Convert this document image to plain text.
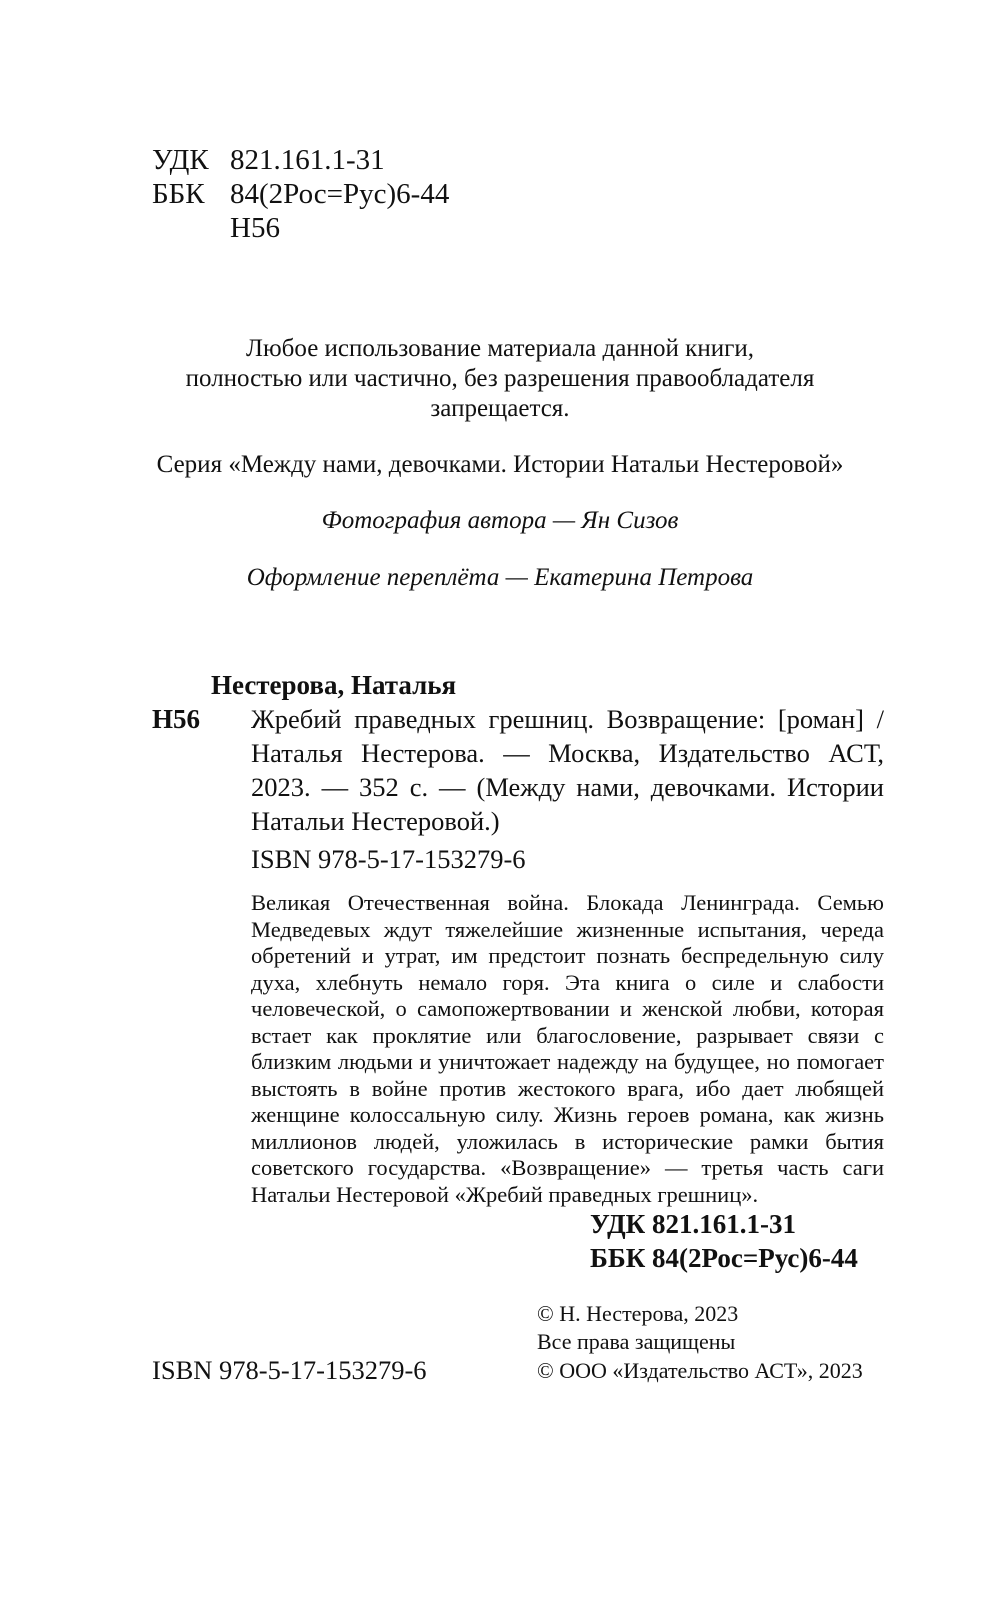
УДК 821.161.1-31
ББК 84(2Рос=Рус)6-44
Н56
Любое использование материала данной книги,
полностью или частично, без разрешения правообладателя
запрещается.
Серия «Между нами, девочками. Истории Натальи Нестеровой»
Фотография автора — Ян Сизов
Оформление переплёта — Екатерина Петрова
Нестерова, Наталья
Н56 Жребий праведных грешниц. Возвращение: [роман] / Наталья Нестерова. — Москва, Издательство АСТ, 2023. — 352 с. — (Между нами, девочками. Истории Натальи Нестеровой.)
ISBN 978-5-17-153279-6
Великая Отечественная война. Блокада Ленинграда. Семью Медведевых ждут тяжелейшие жизненные испытания, череда обретений и утрат, им предстоит познать беспредельную силу духа, хлебнуть немало горя. Эта книга о силе и слабости человеческой, о самопожертвовании и женской любви, которая встает как проклятие или благословение, разрывает связи с близким людьми и уничтожает надежду на будущее, но помогает выстоять в войне против жестокого врага, ибо дает любящей женщине колоссальную силу. Жизнь героев романа, как жизнь миллионов людей, уложилась в исторические рамки бытия советского государства. «Возвращение» — третья часть саги Натальи Нестеровой «Жребий праведных грешниц».
УДК 821.161.1-31
ББК 84(2Рос=Рус)6-44
© Н. Нестерова, 2023
Все права защищены
© ООО «Издательство АСТ», 2023
ISBN 978-5-17-153279-6
